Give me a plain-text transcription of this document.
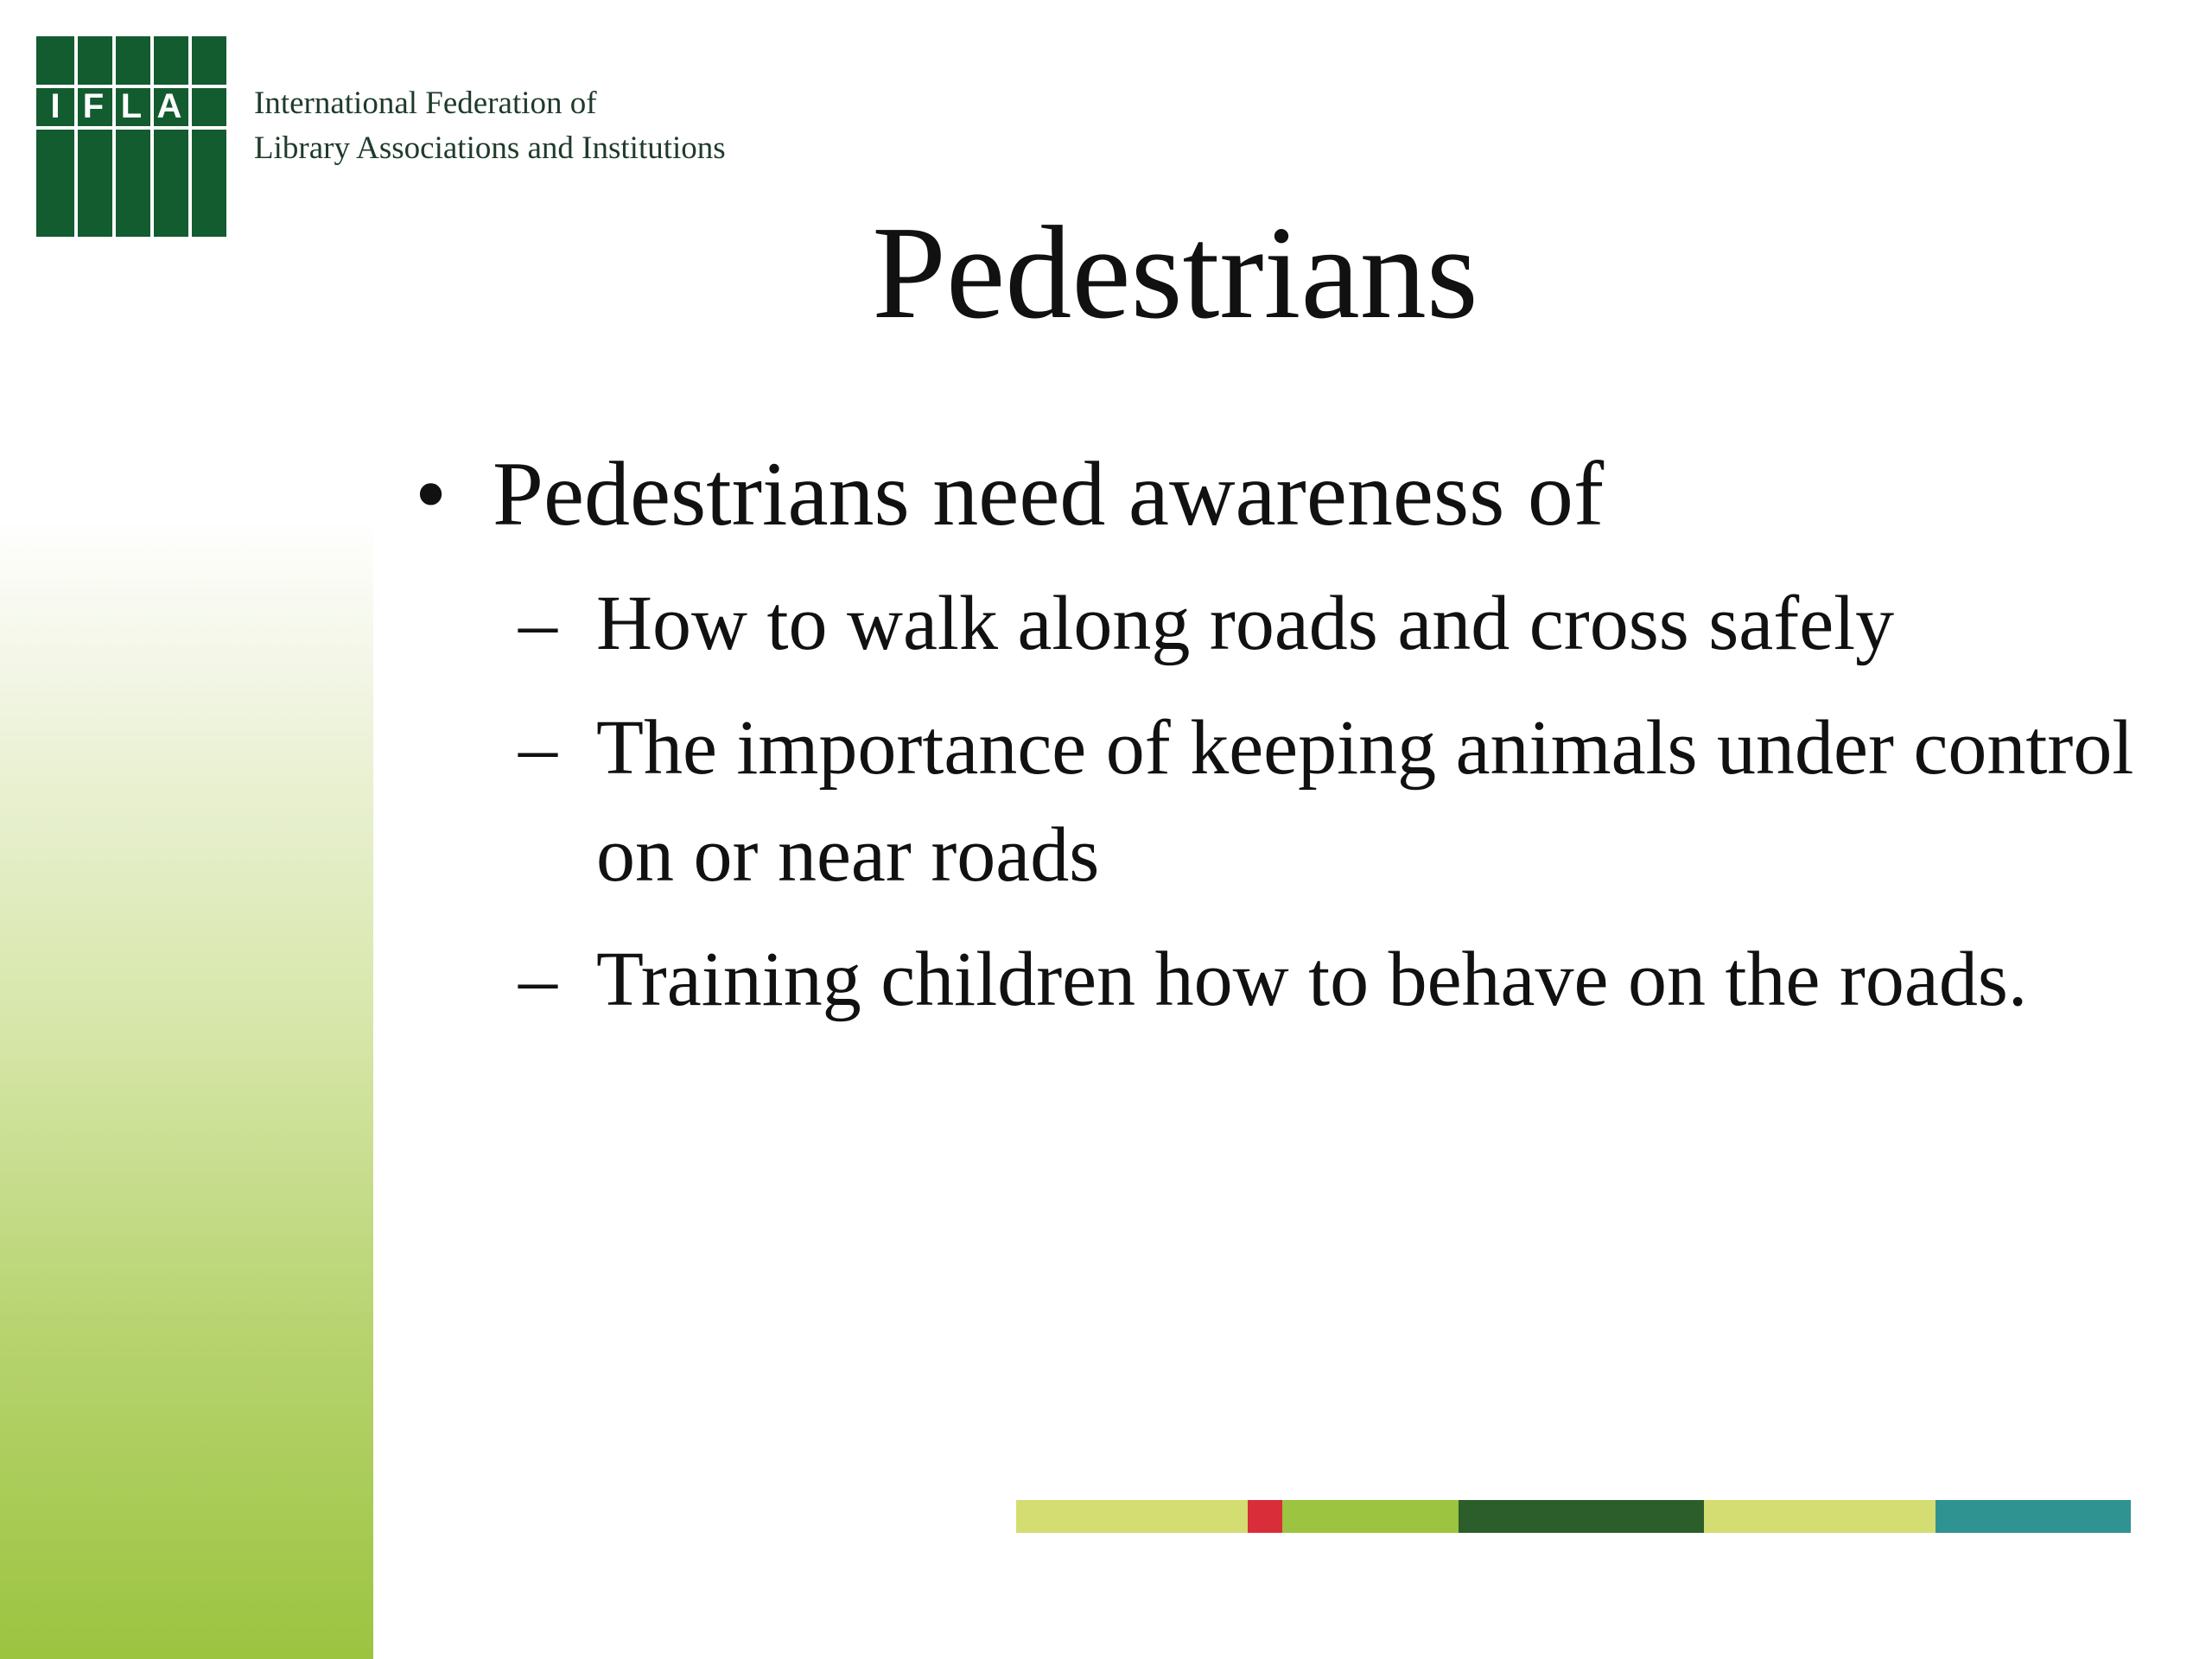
I F L A International Federation of
Library Associations and Institutions
Pedestrians
• Pedestrians need awareness of
– How to walk along roads and cross safely
– The importance of keeping animals under control on or near roads
– Training children how to behave on the roads.
